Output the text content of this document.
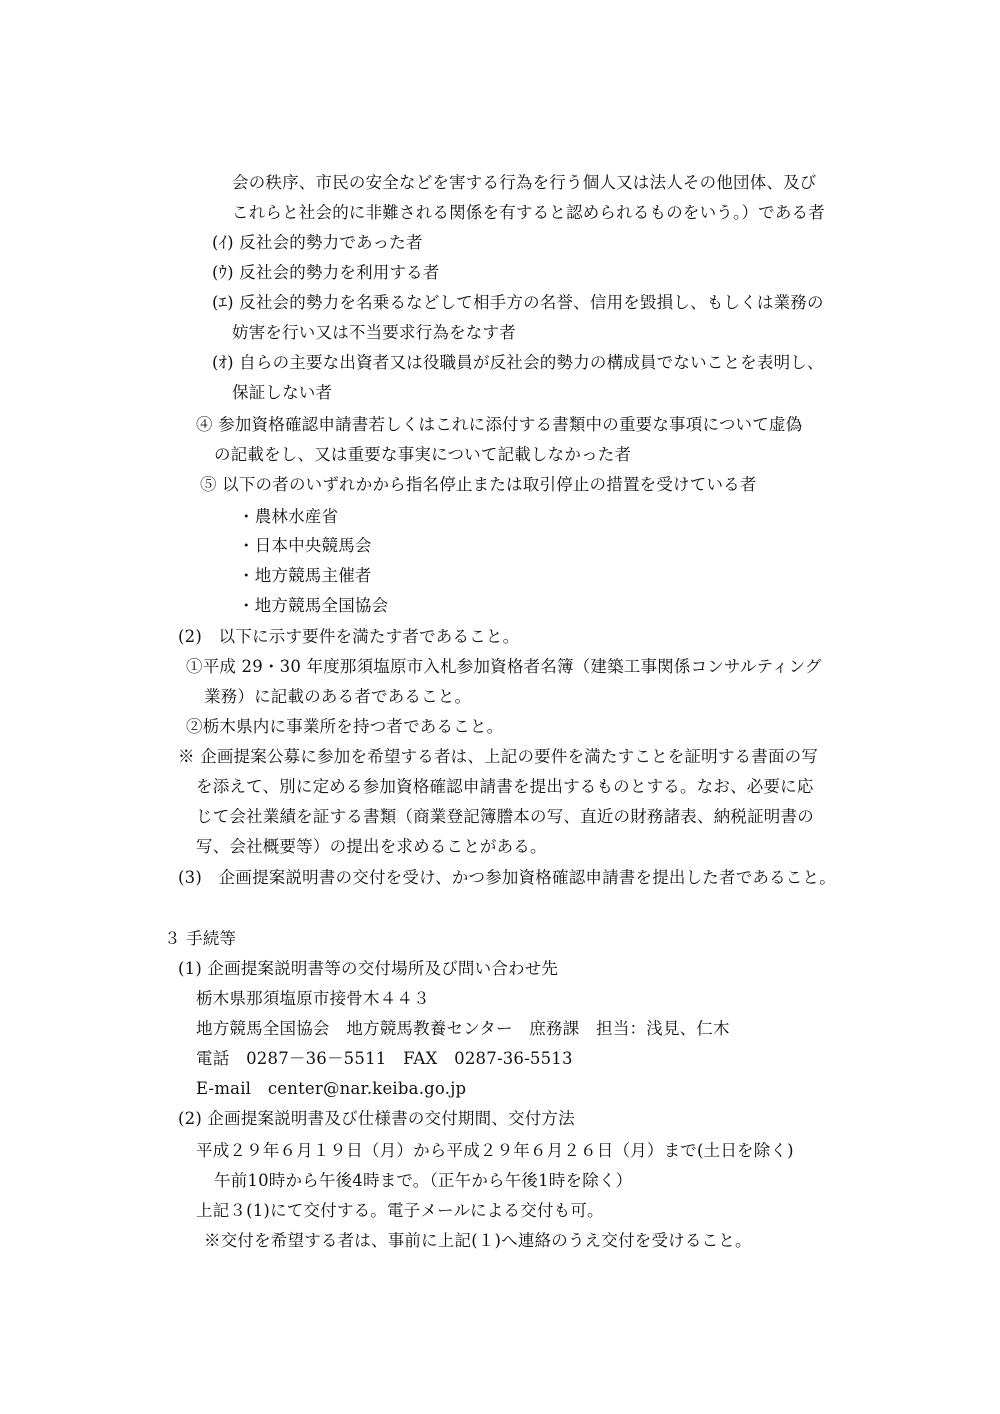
会の秩序、市民の安全などを害する行為を行う個人又は法人その他団体、及び
これらと社会的に非難される関係を有すると認められるものをいう。）である者
(ｲ) 反社会的勢力であった者
(ｳ) 反社会的勢力を利用する者
(ｴ) 反社会的勢力を名乗るなどして相手方の名誉、信用を毀損し、もしくは業務の
妨害を行い又は不当要求行為をなす者
(ｵ) 自らの主要な出資者又は役職員が反社会的勢力の構成員でないことを表明し、
保証しない者
④ 参加資格確認申請書若しくはこれに添付する書類中の重要な事項について虚偽
の記載をし、又は重要な事実について記載しなかった者
⑤ 以下の者のいずれかから指名停止または取引停止の措置を受けている者
・農林水産省
・日本中央競馬会
・地方競馬主催者
・地方競馬全国協会
(2)　以下に示す要件を満たす者であること。
①平成 29・30 年度那須塩原市入札参加資格者名簿（建築工事関係コンサルティング
業務）に記載のある者であること。
②栃木県内に事業所を持つ者であること。
※ 企画提案公募に参加を希望する者は、上記の要件を満たすことを証明する書面の写
を添えて、別に定める参加資格確認申請書を提出するものとする。なお、必要に応
じて会社業績を証する書類（商業登記簿謄本の写、直近の財務諸表、納税証明書の
写、会社概要等）の提出を求めることがある。
(3)　企画提案説明書の交付を受け、かつ参加資格確認申請書を提出した者であること。
３ 手続等
(1) 企画提案説明書等の交付場所及び問い合わせ先
栃木県那須塩原市接骨木４４３
地方競馬全国協会　地方競馬教養センター　庶務課　担当：浅見、仁木
電話　0287－36－5511　FAX　0287-36-5513
E-mail　center@nar.keiba.go.jp
(2) 企画提案説明書及び仕様書の交付期間、交付方法
平成２９年６月１９日（月）から平成２９年６月２６日（月）まで(土日を除く)
午前10時から午後4時まで。（正午から午後1時を除く）
上記３(1)にて交付する。電子メールによる交付も可。
※交付を希望する者は、事前に上記(１)へ連絡のうえ交付を受けること。
